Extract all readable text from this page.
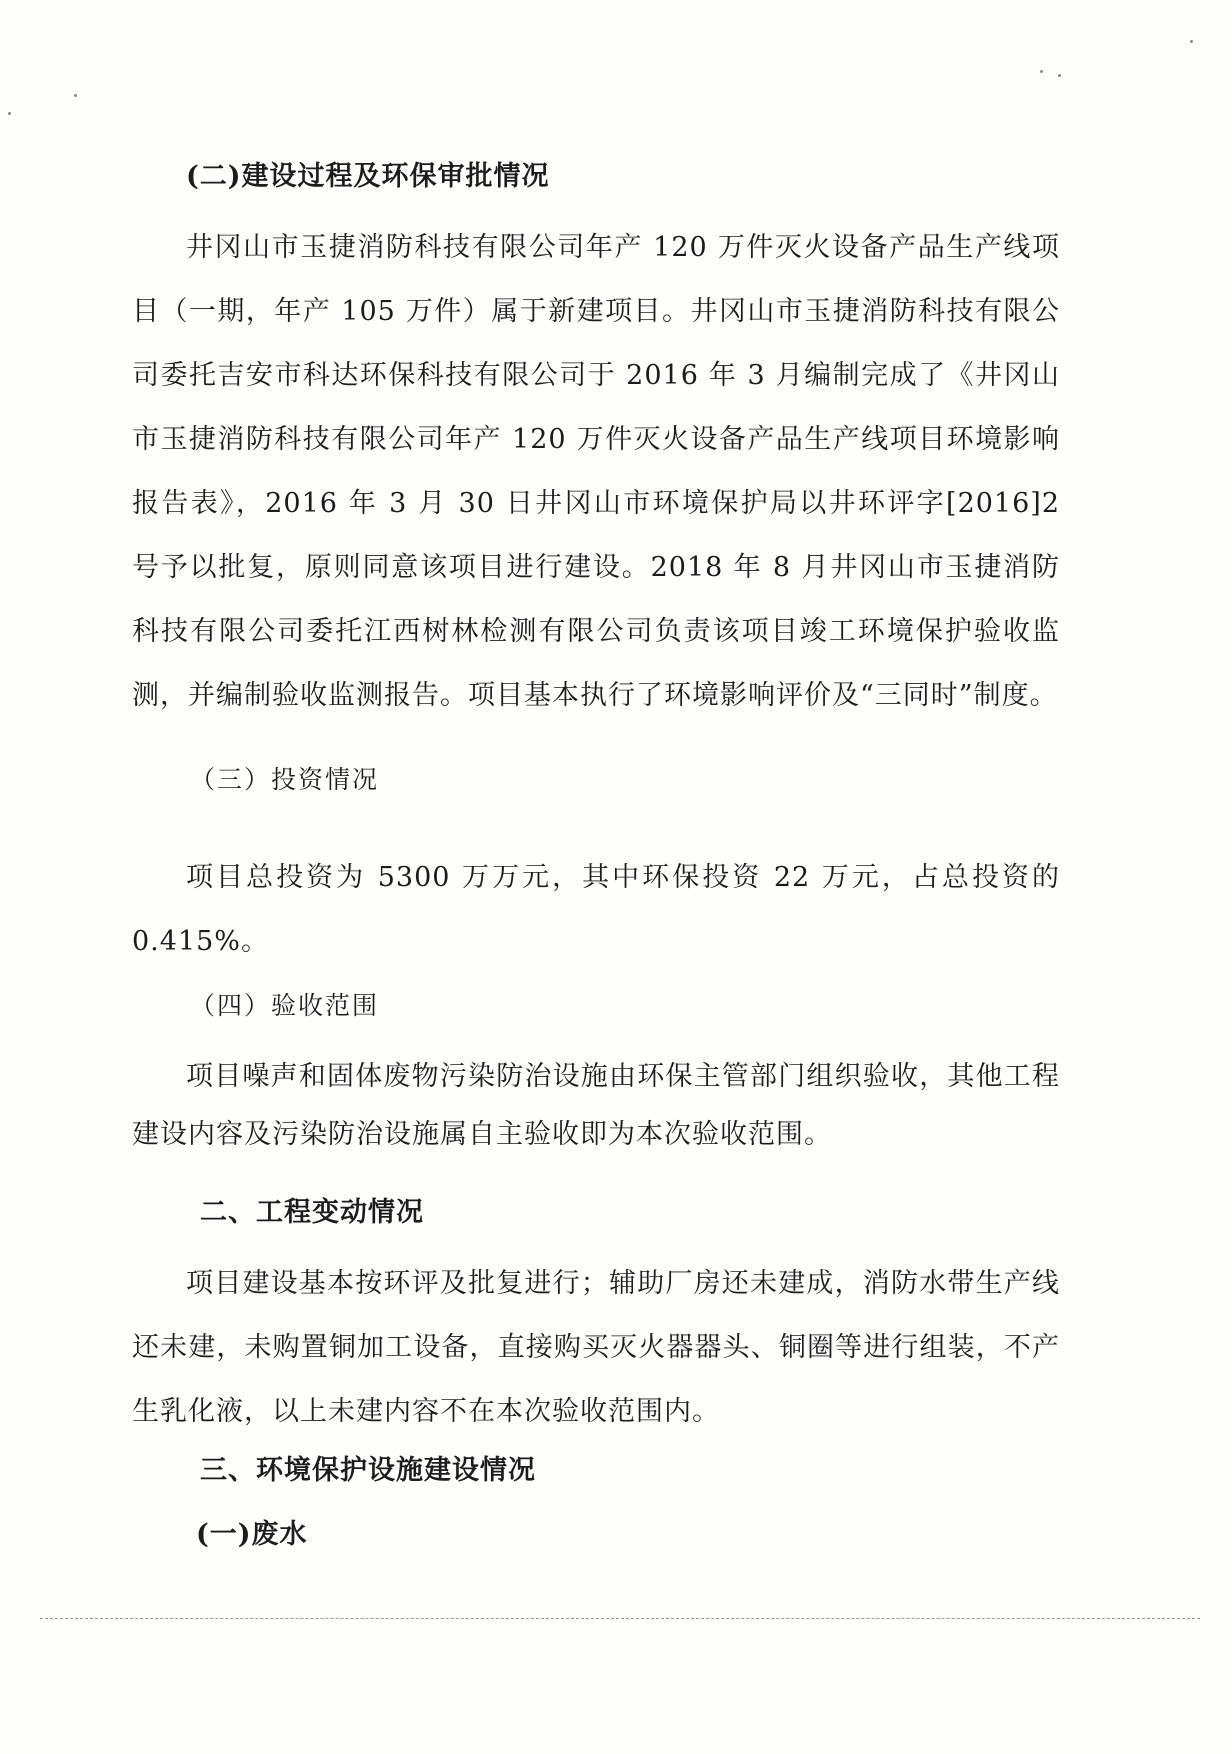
(二)建设过程及环保审批情况
井冈山市玉捷消防科技有限公司年产 120 万件灭火设备产品生产线项目（一期，年产 105 万件）属于新建项目。井冈山市玉捷消防科技有限公司委托吉安市科达环保科技有限公司于 2016 年 3 月编制完成了《井冈山市玉捷消防科技有限公司年产 120 万件灭火设备产品生产线项目环境影响报告表》，2016 年 3 月 30 日井冈山市环境保护局以井环评字[2016]2 号予以批复，原则同意该项目进行建设。2018 年 8 月井冈山市玉捷消防科技有限公司委托江西树林检测有限公司负责该项目竣工环境保护验收监测，并编制验收监测报告。项目基本执行了环境影响评价及“三同时”制度。
（三）投资情况
项目总投资为 5300 万万元，其中环保投资 22 万元，占总投资的 0.415%。
（四）验收范围
项目噪声和固体废物污染防治设施由环保主管部门组织验收，其他工程建设内容及污染防治设施属自主验收即为本次验收范围。
二、工程变动情况
项目建设基本按环评及批复进行；辅助厂房还未建成，消防水带生产线还未建，未购置铜加工设备，直接购买灭火器器头、铜圈等进行组装，不产生乳化液，以上未建内容不在本次验收范围内。
三、环境保护设施建设情况
(一)废水
